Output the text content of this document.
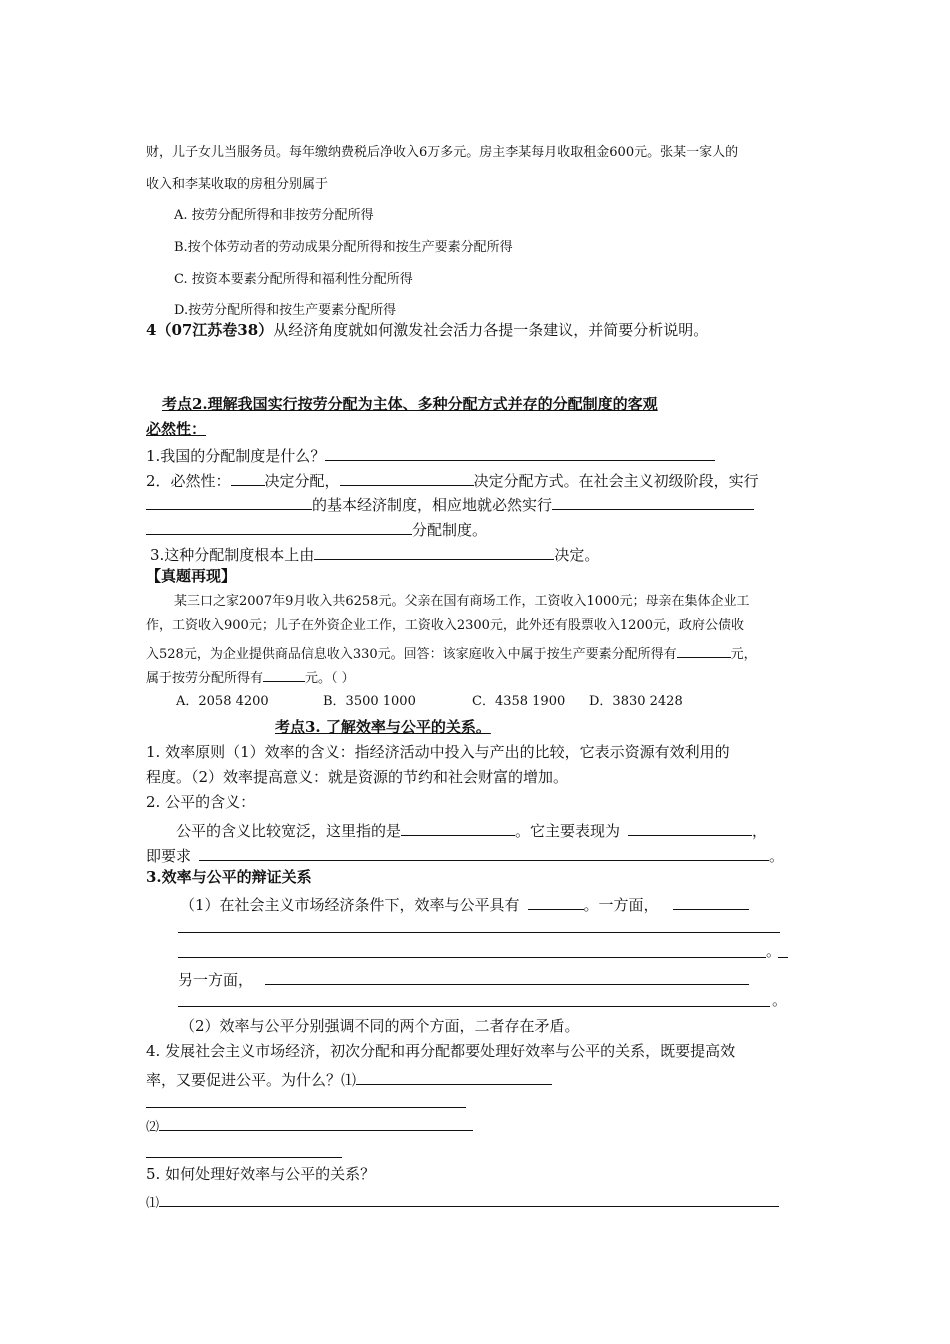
财，儿子女儿当服务员。每年缴纳费税后净收入6万多元。房主李某每月收取租金600元。张某一家人的
收入和李某收取的房租分别属于
A. 按劳分配所得和非按劳分配所得
B.按个体劳动者的劳动成果分配所得和按生产要素分配所得
C. 按资本要素分配所得和福利性分配所得
D.按劳分配所得和按生产要素分配所得
4（07江苏卷38）从经济角度就如何激发社会活力各提一条建议，并简要分析说明。
考点2.理解我国实行按劳分配为主体、多种分配方式并存的分配制度的客观
必然性：
1.我国的分配制度是什么？
2．必然性： 决定分配，	决定分配方式。在社会主义初级阶段，实行
的基本经济制度，相应地就必然实行
分配制度。
3.这种分配制度根本上由	决定。
【真题再现】
某三口之家2007年9月收入共6258元。父亲在国有商场工作，工资收入1000元；母亲在集体企业工
作，工资收入900元；儿子在外资企业工作，工资收入2300元，此外还有股票收入1200元，政府公债收
入528元，为企业提供商品信息收入330元。回答：该家庭收入中属于按生产要素分配所得有	元，
属于按劳分配所得有	元。（ ）
A．2058 4200	B．3500 1000	C．4358 1900 D．3830 2428
考点3. 了解效率与公平的关系。
1. 效率原则（1）效率的含义：指经济活动中投入与产出的比较，它表示资源有效利用的
程度。（2）效率提高意义：就是资源的节约和社会财富的增加。
2. 公平的含义：
公平的含义比较宽泛，这里指的是	。它主要表现为	，
即要求	。
3.效率与公平的辩证关系
（1）在社会主义市场经济条件下，效率与公平具有	。一方面，
。
另一方面，
。
（2）效率与公平分别强调不同的两个方面，二者存在矛盾。
4. 发展社会主义市场经济，初次分配和再分配都要处理好效率与公平的关系，既要提高效
率，又要促进公平。为什么？⑴
⑵
5. 如何处理好效率与公平的关系？
⑴
